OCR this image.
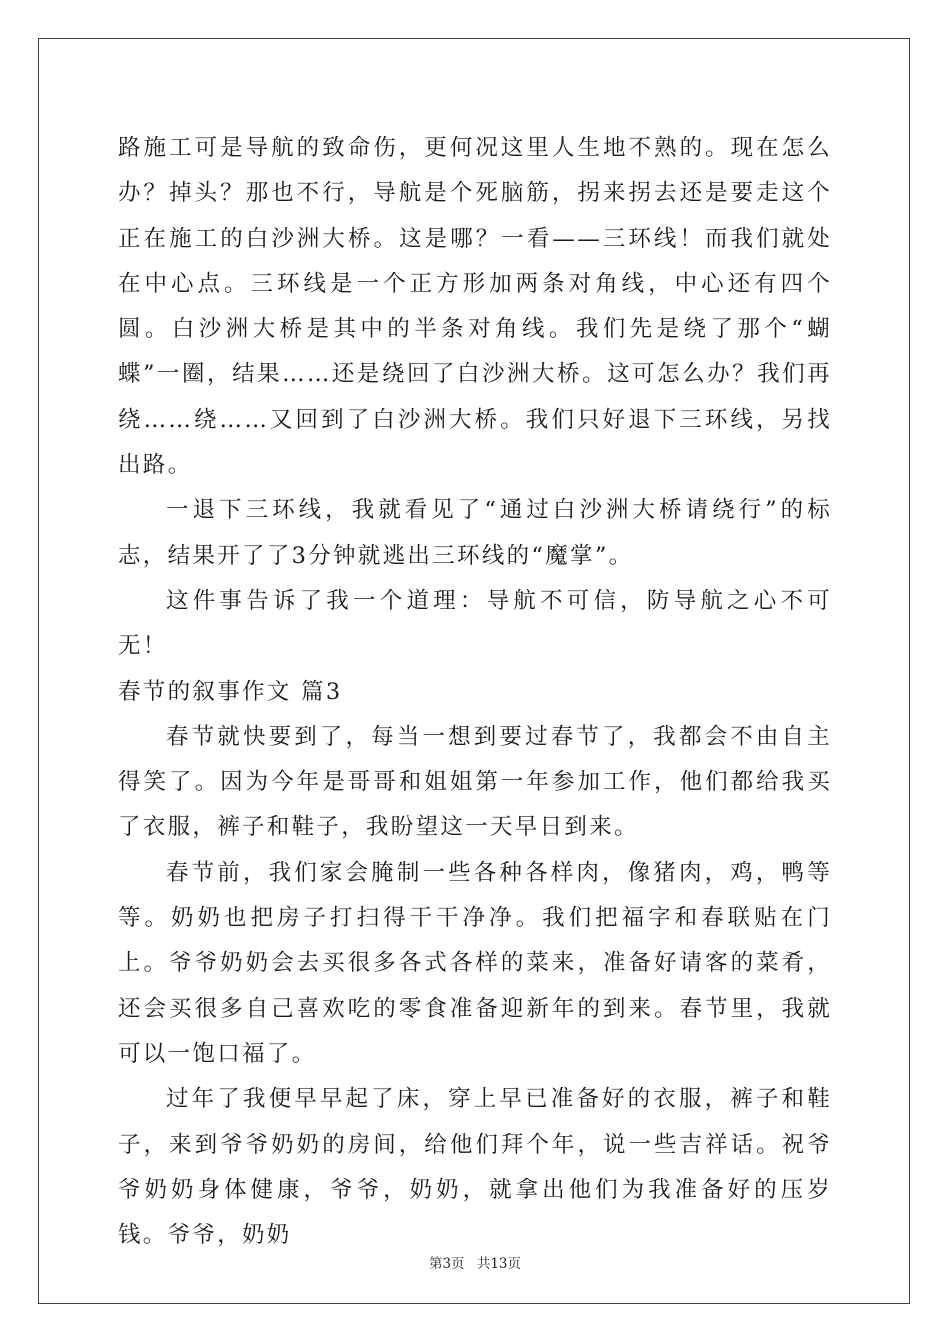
路施工可是导航的致命伤，更何况这里人生地不熟的。现在怎么办？掉头？那也不行，导航是个死脑筋，拐来拐去还是要走这个正在施工的白沙洲大桥。这是哪？一看——三环线！而我们就处在中心点。三环线是一个正方形加两条对角线，中心还有四个圆。白沙洲大桥是其中的半条对角线。我们先是绕了那个“蝴蝶”一圈，结果……还是绕回了白沙洲大桥。这可怎么办？我们再绕……绕……又回到了白沙洲大桥。我们只好退下三环线，另找出路。

一退下三环线，我就看见了“通过白沙洲大桥请绕行”的标志，结果开了了3分钟就逃出三环线的“魔掌”。

这件事告诉了我一个道理：导航不可信，防导航之心不可无！

春节的叙事作文 篇3

春节就快要到了，每当一想到要过春节了，我都会不由自主得笑了。因为今年是哥哥和姐姐第一年参加工作，他们都给我买了衣服，裤子和鞋子，我盼望这一天早日到来。

春节前，我们家会腌制一些各种各样肉，像猪肉，鸡，鸭等等。奶奶也把房子打扫得干干净净。我们把福字和春联贴在门上。爷爷奶奶会去买很多各式各样的菜来，准备好请客的菜肴，还会买很多自己喜欢吃的零食准备迎新年的到来。春节里，我就可以一饱口福了。

过年了我便早早起了床，穿上早已准备好的衣服，裤子和鞋子，来到爷爷奶奶的房间，给他们拜个年，说一些吉祥话。祝爷爷奶奶身体健康，爷爷，奶奶，就拿出他们为我准备好的压岁钱。爷爷，奶奶

第3页 共13页
